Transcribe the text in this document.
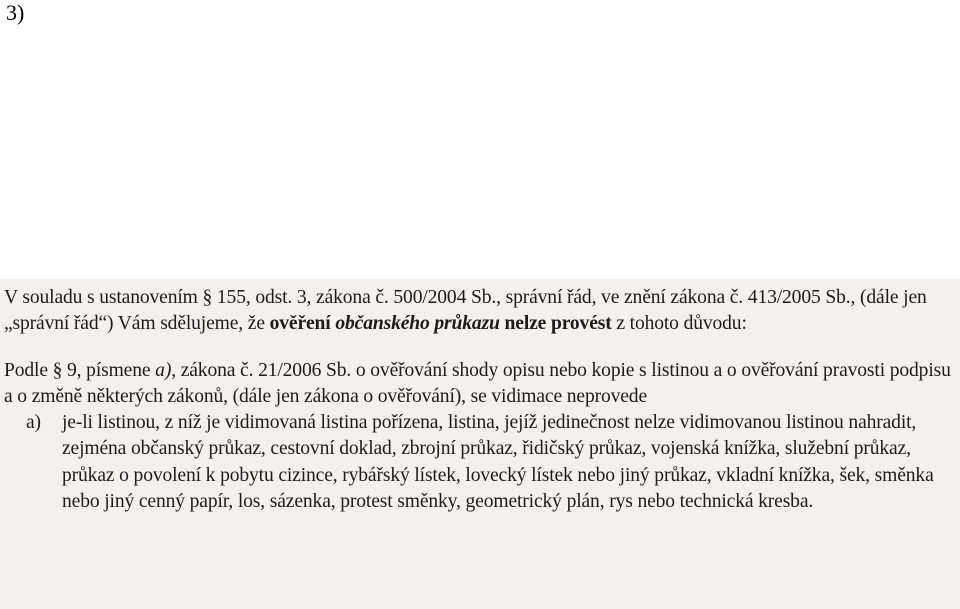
3)
V souladu s ustanovením § 155, odst. 3, zákona č. 500/2004 Sb., správní řád, ve znění zákona č. 413/2005 Sb., (dále jen „správní řád“) Vám sdělujeme, že ověření občanského průkazu nelze provést z tohoto důvodu:
Podle § 9, písmene a), zákona č. 21/2006 Sb. o ověřování shody opisu nebo kopie s listinou a o ověřování pravosti podpisu a o změně některých zákonů, (dále jen zákona o ověřování), se vidimace neprovede
a)	je-li listinou, z níž je vidimovaná listina pořízena, listina, jejíž jedinečnost nelze vidimovanou listinou nahradit, zejména občanský průkaz, cestovní doklad, zbrojní průkaz, řidičský průkaz, vojenská knížka, služební průkaz, průkaz o povolení k pobytu cizince, rybářský lístek, lovecký lístek nebo jiný průkaz, vkladní knížka, šek, směnka nebo jiný cenný papír, los, sázenka, protest směnky, geometrický plán, rys nebo technická kresba.
